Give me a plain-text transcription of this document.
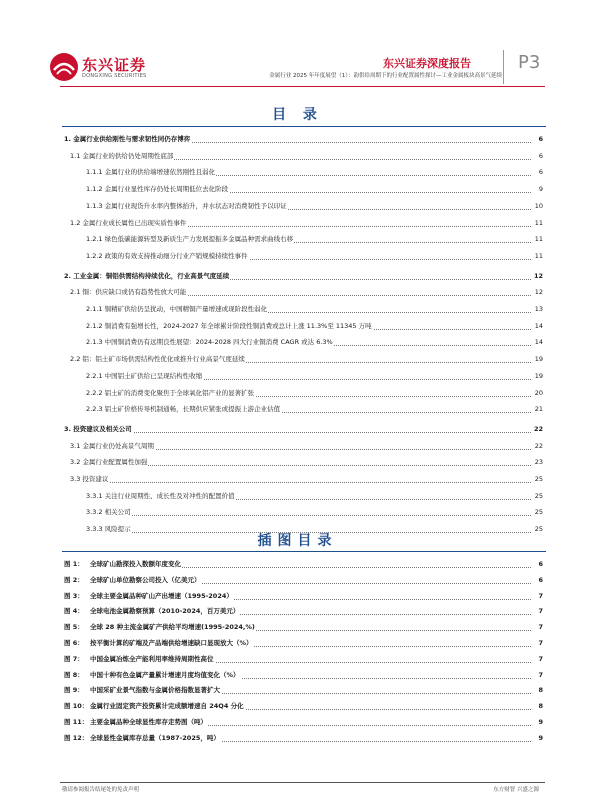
东兴证券
DONGXING SECURITIES
东兴证券深度报告	P3
金属行业 2025 年年度展望（1）：韵供给周期下的行业配置属性探讨—工业金属板块高景气延续
目 录
1. 金属行业供给刚性与需求韧性同仍存博弈	6
1.1 金属行业的供给仍处周期性底部	6
1.1.1 金属行业的供给端增速依然刚性且弱化	6
1.1.2 金属行业显性库存仍处长周期低位去化阶段	9
1.1.3 金属行业现货升水率内整体抬升，并水状态对消费韧性予以印证	10
1.2 金属行业成长属性已出现实质性事件	11
1.2.1 绿色低碳能源转型及新质生产力发展提振多金属品种需求曲线右移	11
1.2.2 政策的有效支持推动细分行业产销规模持续性事件	11
2. 工业金属：铜铝供需结构持续优化，行业高景气度延续	12
2.1 铜：供应缺口或仍有趋势性放大可能	12
2.1.1 铜精矿供给仍呈扰动，中国精铜产量增速或现阶段性弱化	13
2.1.2 铜消费有强增长性，2024-2027 年全球累计阶段性铜消费或总计上涨 11.3%至 11345 万吨	14
2.1.3 中国铜消费仍有远期良性展望：2024-2028 四大行业铜消费 CAGR 或达 6.3%	14
2.2 铝：铝土矿市场供需结构性优化或推升行业高景气度延续	19
2.2.1 中国铝土矿供给已呈现结构性收缩	19
2.2.2 铝土矿的消费变化聚焦于全球氧化铝产业的显著扩张	20
2.2.3 铝土矿价格传导机制通畅，长期供应紧张或提振上游企业估值	21
3. 投资建议及相关公司	22
3.1 金属行业仍处高景气周期	22
3.2 金属行业配置属性加强	23
3.3 投资建议	25
3.3.1 关注行业周期性、成长性及对冲性的配置价值	25
3.3.2 相关公司	25
3.3.3 风险提示	25
插图目录
图 1： 全球矿山勘探投入数额年度变化	6
图 2： 全球矿山单位勘察公司投入（亿美元）	6
图 3： 全球主要金属品种矿山产出增速（1995-2024）	7
图 4： 全球电池金属勘察预算（2010-2024，百万美元）	7
图 5： 全球 28 种主流金属矿产供给平均增速(1995-2024,%)	7
图 6： 按平衡计算的矿端及产品端供给增速缺口显现放大（%）	7
图 7： 中国金属冶炼全产能利用率维持周期性高位	7
图 8： 中国十种有色金属产量累计增速月度均值变化（%）	7
图 9： 中国采矿业景气指数与金属价格指数显著扩大	8
图 10： 金属行业固定资产投资累计完成额增速自 24Q4 分化	8
图 11： 主要金属品种全球显性库存走势图（吨）	9
图 12： 全球显性金属库存总量（1987-2025，吨）	9
敬请参阅报告结尾处的免责声明	东方财智 兴盛之源
